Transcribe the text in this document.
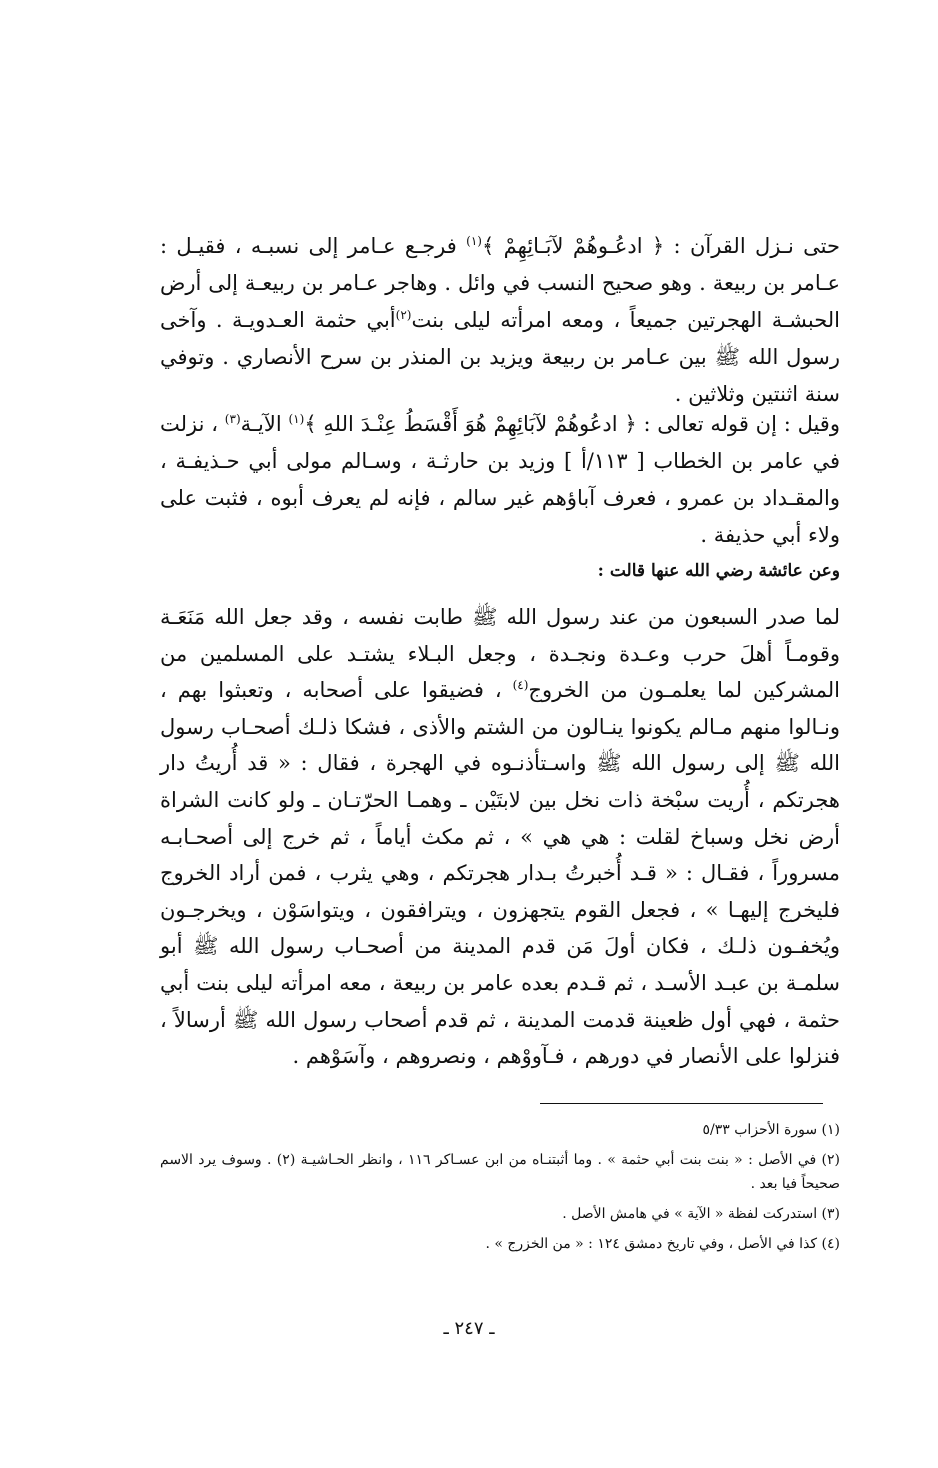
حتى نـزل القرآن : ﴿ ادعُـوهُمْ لآبَـائِهِمْ ﴾$^{(١)}$ فرجـع عـامر إلى نسبـه ، فقيـل : عـامر بن ربيعة . وهو صحيح النسب في وائل . وهاجر عـامر بن ربيعـة إلى أرض الحبشـة الهجرتين جميعاً ، ومعه امرأته ليلى بنت$^{(٢)}$أبي حثمة العـدويـة . وآخى رسول الله ﷺ بين عـامر بن ربيعة ويزيد بن المنذر بن سرح الأنصاري . وتوفي سنة اثنتين وثلاثين .

وقيل : إن قوله تعالى : ﴿ ادعُوهُمْ لآبَائِهِمْ هُوَ أَقْسَطُ عِنْـدَ اللهِ ﴾$^{(١)}$ الآيـة$^{(٣)}$ ، نزلت في عامر بن الخطاب [ ١١٣/أ ] وزيد بن حارثـة ، وسـالم مولى أبي حـذيفـة ، والمقـداد بن عمرو ، فعرف آباؤهم غير سالم ، فإنه لم يعرف أبوه ، فثبت على ولاء أبي حذيفة .

وعن عائشة رضي الله عنها قالت :

لما صدر السبعون من عند رسول الله ﷺ طابت نفسه ، وقد جعل الله مَنَعَـة وقومـاً أهلَ حرب وعـدة ونجـدة ، وجعل البـلاء يشتـد على المسلمين من المشركين لما يعلمـون من الخروج$^{(٤)}$ ، فضيقوا على أصحابه ، وتعبثوا بهم ، ونـالوا منهم مـالم يكونوا ينـالون من الشتم والأذى ، فشكا ذلـك أصحـاب رسول الله ﷺ إلى رسول الله ﷺ واسـتأذنـوه في الهجرة ، فقال : « قد أُريتُ دار هجرتكم ، أُريت سبْخة ذات نخل بين لابتَيْن ـ وهمـا الحرّتـان ـ ولو كانت الشراة أرض نخل وسباخ لقلت : هي هي » ، ثم مكث أياماً ، ثم خرج إلى أصحـابـه مسروراً ، فقـال : « قـد أُخبرتُ بـدار هجرتكم ، وهي يثرب ، فمن أراد الخروج فليخرج إليهـا » ، فجعل القوم يتجهزون ، ويترافقون ، ويتواسَوْن ، ويخرجـون ويُخفـون ذلـك ، فكان أولَ مَن قدم المدينة من أصحـاب رسول الله ﷺ أبو سلمـة بن عبـد الأسـد ، ثم قـدم بعده عامر بن ربيعة ، معه امرأته ليلى بنت أبي حثمة ، فهي أول ظعينة قدمت المدينة ، ثم قدم أصحاب رسول الله ﷺ أرسالاً ، فنزلوا على الأنصار في دورهم ، فـآووْهم ، ونصروهم ، وآسَوْهم .

(١) سورة الأحزاب ٥/٣٣

(٢) في الأصل : « بنت بنت أبي حثمة » . وما أثبتنـاه من ابن عسـاكر ١١٦ ، وانظر الحـاشيـة (٢) . وسوف يرد الاسم صحيحاً فيا بعد .

(٣) استدركت لفظة « الآية » في هامش الأصل .

(٤) كذا في الأصل ، وفي تاريخ دمشق ١٢٤ : « من الخزرج » .

ـ ٢٤٧ ـ
